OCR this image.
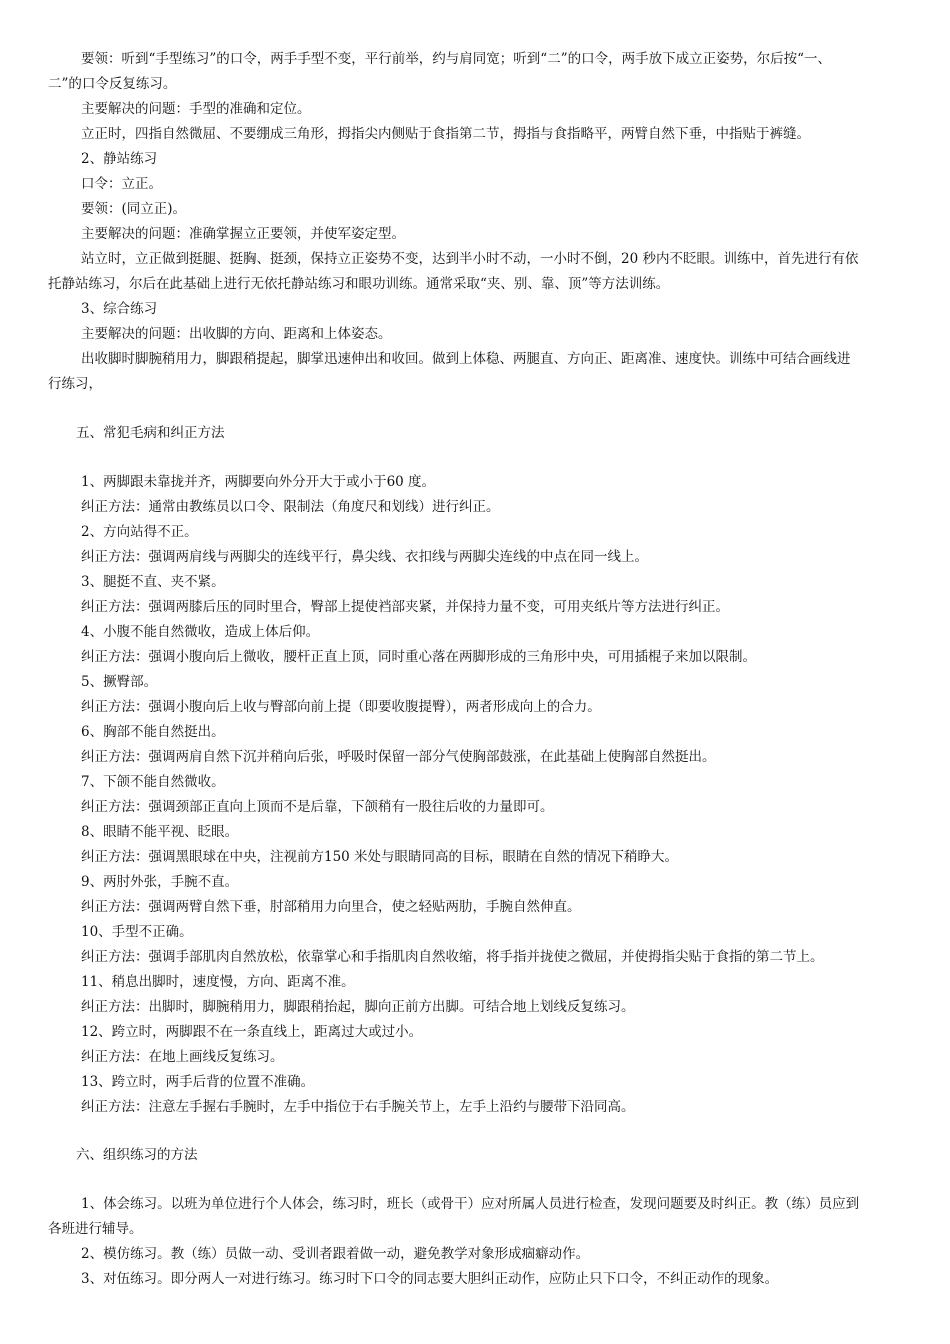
要领：听到“手型练习”的口令，两手手型不变，平行前举，约与肩同宽；听到“二”的口令，两手放下成立正姿势，尔后按“一、
二”的口令反复练习。
主要解决的问题：手型的准确和定位。
立正时，四指自然微屈、不要绷成三角形，拇指尖内侧贴于食指第二节，拇指与食指略平，两臂自然下垂，中指贴于裤缝。
2、静站练习
口令：立正。
要领：(同立正)。
主要解决的问题：准确掌握立正要领，并使军姿定型。
站立时，立正做到挺腿、挺胸、挺颈，保持立正姿势不变，达到半小时不动，一小时不倒，20 秒内不眨眼。训练中，首先进行有依
托静站练习，尔后在此基础上进行无依托静站练习和眼功训练。通常采取“夹、别、靠、顶”等方法训练。
3、综合练习
主要解决的问题：出收脚的方向、距离和上体姿态。
出收脚时脚腕稍用力，脚跟稍提起，脚掌迅速伸出和收回。做到上体稳、两腿直、方向正、距离准、速度快。训练中可结合画线进
行练习，
五、常犯毛病和纠正方法
1、两脚跟未靠拢并齐，两脚要向外分开大于或小于60 度。
纠正方法：通常由教练员以口令、限制法（角度尺和划线）进行纠正。
2、方向站得不正。
纠正方法：强调两肩线与两脚尖的连线平行，鼻尖线、衣扣线与两脚尖连线的中点在同一线上。
3、腿挺不直、夹不紧。
纠正方法：强调两膝后压的同时里合，臀部上提使裆部夹紧，并保持力量不变，可用夹纸片等方法进行纠正。
4、小腹不能自然微收，造成上体后仰。
纠正方法：强调小腹向后上微收，腰杆正直上顶，同时重心落在两脚形成的三角形中央，可用插棍子来加以限制。
5、撅臀部。
纠正方法：强调小腹向后上收与臀部向前上提（即要收腹提臀），两者形成向上的合力。
6、胸部不能自然挺出。
纠正方法：强调两肩自然下沉并稍向后张，呼吸时保留一部分气使胸部鼓涨，在此基础上使胸部自然挺出。
7、下颌不能自然微收。
纠正方法：强调颈部正直向上顶而不是后靠，下颌稍有一股往后收的力量即可。
8、眼睛不能平视、眨眼。
纠正方法：强调黑眼球在中央，注视前方150 米处与眼睛同高的目标，眼睛在自然的情况下稍睁大。
9、两肘外张，手腕不直。
纠正方法：强调两臂自然下垂，肘部稍用力向里合，使之轻贴两肋，手腕自然伸直。
10、手型不正确。
纠正方法：强调手部肌肉自然放松，依靠掌心和手指肌肉自然收缩，将手指并拢使之微屈，并使拇指尖贴于食指的第二节上。
11、稍息出脚时，速度慢，方向、距离不准。
纠正方法：出脚时，脚腕稍用力，脚跟稍抬起，脚向正前方出脚。可结合地上划线反复练习。
12、跨立时，两脚跟不在一条直线上，距离过大或过小。
纠正方法：在地上画线反复练习。
13、跨立时，两手后背的位置不准确。
纠正方法：注意左手握右手腕时，左手中指位于右手腕关节上，左手上沿约与腰带下沿同高。
六、组织练习的方法
1、体会练习。以班为单位进行个人体会，练习时，班长（或骨干）应对所属人员进行检查，发现问题要及时纠正。教（练）员应到
各班进行辅导。
2、模仿练习。教（练）员做一动、受训者跟着做一动，避免教学对象形成痼癖动作。
3、对伍练习。即分两人一对进行练习。练习时下口令的同志要大胆纠正动作，应防止只下口令，不纠正动作的现象。
